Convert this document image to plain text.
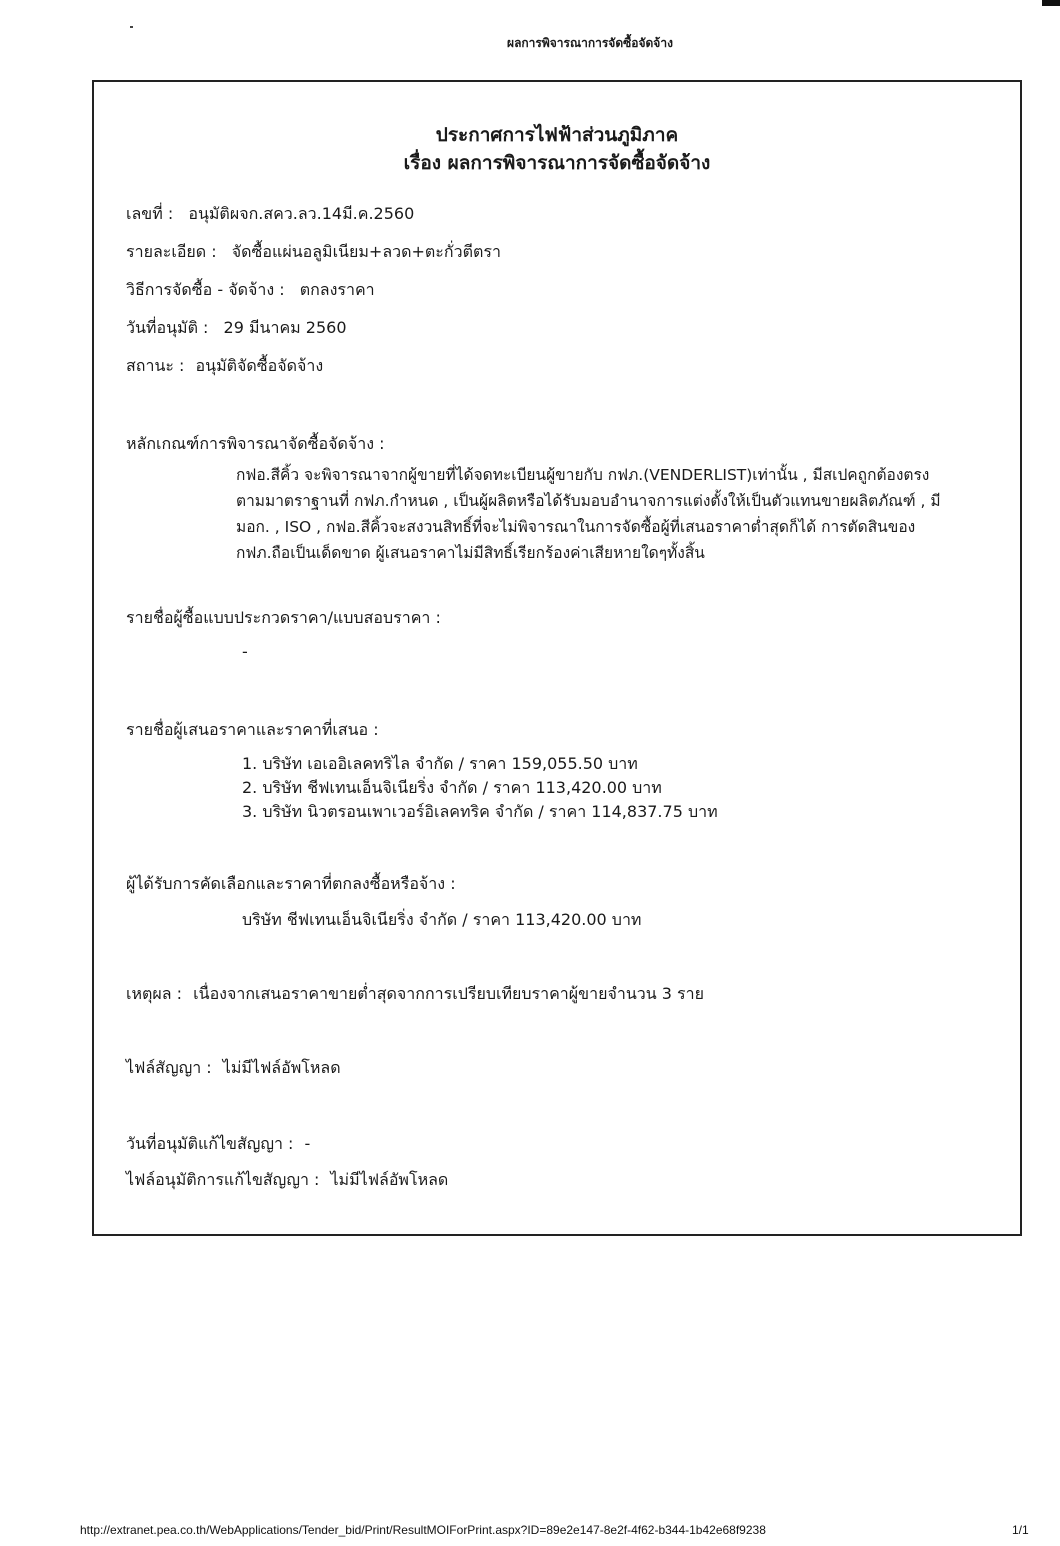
ผลการพิจารณาการจัดซื้อจัดจ้าง
ประกาศการไฟฟ้าส่วนภูมิภาค
เรื่อง ผลการพิจารณาการจัดซื้อจัดจ้าง
เลขที่ : อนุมัติผจก.สคว.ลว.14มี.ค.2560
รายละเอียด : จัดซื้อแผ่นอลูมิเนียม+ลวด+ตะกั่วตีตรา
วิธีการจัดซื้อ - จัดจ้าง : ตกลงราคา
วันที่อนุมัติ : 29 มีนาคม 2560
สถานะ : อนุมัติจัดซื้อจัดจ้าง
หลักเกณฑ์การพิจารณาจัดซื้อจัดจ้าง :
กฟอ.สีคิ้ว จะพิจารณาจากผู้ขายที่ได้จดทะเบียนผู้ขายกับ กฟภ.(VENDERLIST)เท่านั้น , มีสเปคถูกต้องตรง
ตามมาตราฐานที่ กฟภ.กำหนด , เป็นผู้ผลิตหรือได้รับมอบอำนาจการแต่งตั้งให้เป็นตัวแทนขายผลิตภัณฑ์ , มี
มอก. , ISO , กฟอ.สีคิ้วจะสงวนสิทธิ์ที่จะไม่พิจารณาในการจัดซื้อผู้ที่เสนอราคาต่ำสุดก็ได้ การตัดสินของ
กฟภ.ถือเป็นเด็ดขาด ผู้เสนอราคาไม่มีสิทธิ์เรียกร้องค่าเสียหายใดๆทั้งสิ้น
รายชื่อผู้ซื้อแบบประกวดราคา/แบบสอบราคา :
-
รายชื่อผู้เสนอราคาและราคาที่เสนอ :
1. บริษัท เอเออิเลคทริไล จำกัด / ราคา 159,055.50 บาท
2. บริษัท ชีฟเทนเอ็นจิเนียริ่ง จำกัด / ราคา 113,420.00 บาท
3. บริษัท นิวตรอนเพาเวอร์อิเลคทริค จำกัด / ราคา 114,837.75 บาท
ผู้ได้รับการคัดเลือกและราคาที่ตกลงซื้อหรือจ้าง :
บริษัท ชีฟเทนเอ็นจิเนียริ่ง จำกัด / ราคา 113,420.00 บาท
เหตุผล : เนื่องจากเสนอราคาขายต่ำสุดจากการเปรียบเทียบราคาผู้ขายจำนวน 3 ราย
ไฟล์สัญญา : ไม่มีไฟล์อัพโหลด
วันที่อนุมัติแก้ไขสัญญา : -
ไฟล์อนุมัติการแก้ไขสัญญา : ไม่มีไฟล์อัพโหลด
http://extranet.pea.co.th/WebApplications/Tender_bid/Print/ResultMOIForPrint.aspx?ID=89e2e147-8e2f-4f62-b344-1b42e68f9238	1/1
